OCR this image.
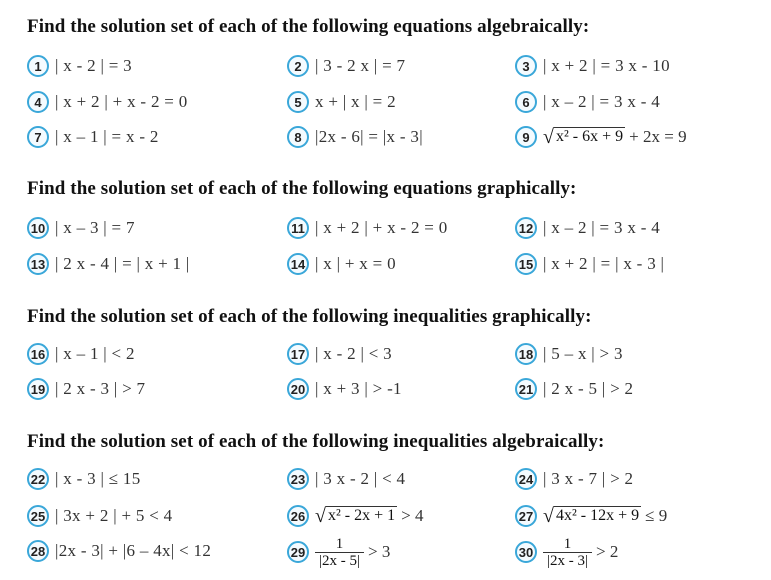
Find the solution set of each of the following equations algebraically:
Find the solution set of each of the following equations graphically:
Find the solution set of each of the following inequalities graphically:
Find the solution set of each of the following inequalities algebraically:
1 | x - 2 | = 3	2 | 3 - 2 x | = 7	3 | x + 2 | = 3 x - 10
4 | x + 2 | + x - 2 = 0	5 x + | x | = 2	6 | x – 2 | = 3 x - 4
7 | x – 1 | = x - 2	8 |2x - 6| = |x - 3|	9 √ x² - 6x + 9 + 2x = 9
10 | x – 3 | = 7	11 | x + 2 | + x - 2 = 0	12 | x – 2 | = 3 x - 4
13 | 2 x - 4 | = | x + 1 |	14 | x | + x = 0	15 | x + 2 | = | x - 3 |
16 | x – 1 | < 2	17 | x - 2 | < 3	18 | 5 – x | > 3
19 | 2 x - 3 | > 7	20 | x + 3 | > -1	21 | 2 x - 5 | > 2
22 | x - 3 | ≤ 15	23 | 3 x - 2 | < 4	24 | 3 x - 7 | > 2
25 | 3x + 2 | + 5 < 4	26 √ x² - 2x + 1 > 4	27 √ 4x² - 12x + 9 ≤ 9
28 |2x - 3| + |6 – 4x| < 12	$29 \frac{1}{|2x - 5|} > 3$	$30 \frac{1}{|2x - 3|} > 2$
